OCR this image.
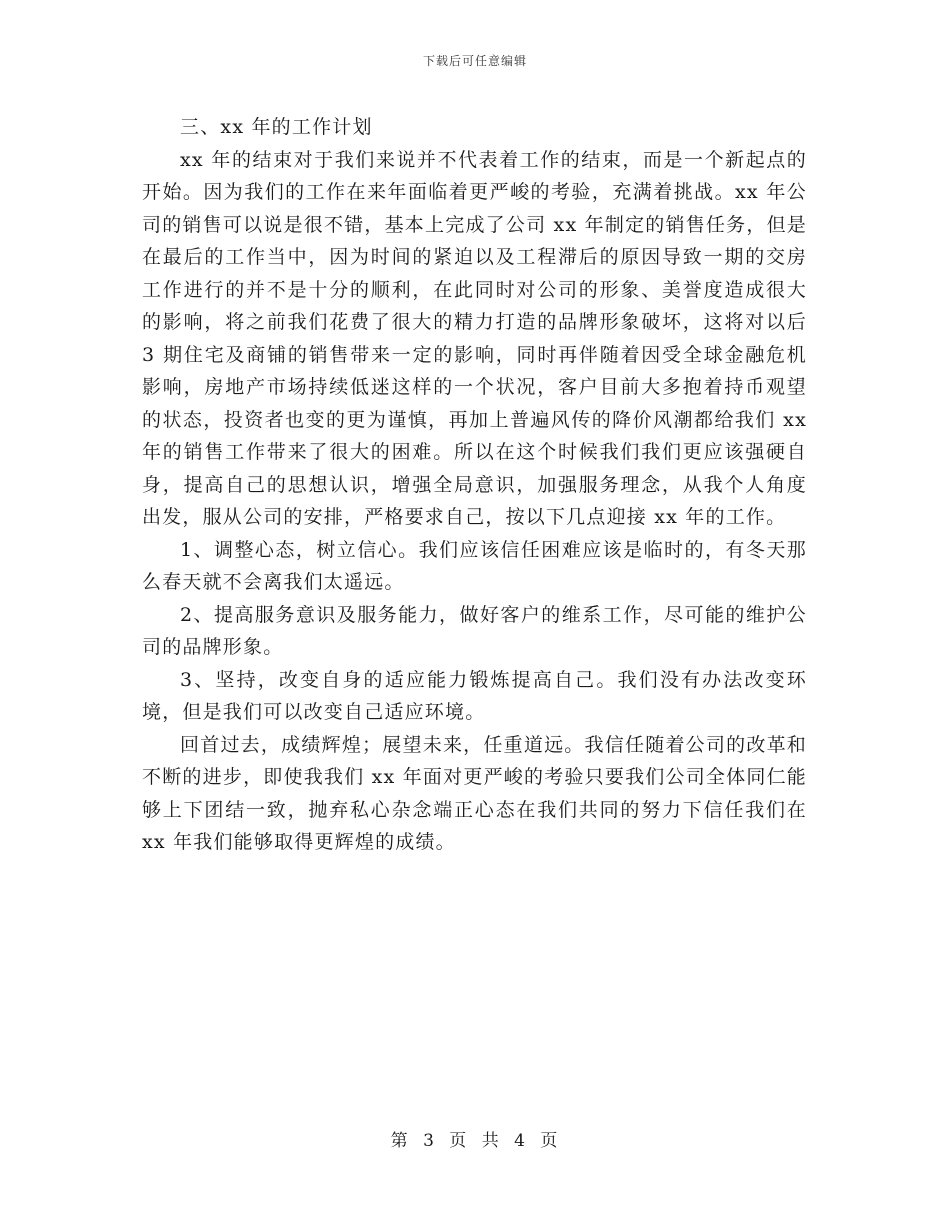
下载后可任意编辑

三、xx 年的工作计划

xx 年的结束对于我们来说并不代表着工作的结束，而是一个新起点的开始。因为我们的工作在来年面临着更严峻的考验，充满着挑战。xx 年公司的销售可以说是很不错，基本上完成了公司 xx 年制定的销售任务，但是在最后的工作当中，因为时间的紧迫以及工程滞后的原因导致一期的交房工作进行的并不是十分的顺利，在此同时对公司的形象、美誉度造成很大的影响，将之前我们花费了很大的精力打造的品牌形象破坏，这将对以后 3 期住宅及商铺的销售带来一定的影响，同时再伴随着因受全球金融危机影响，房地产市场持续低迷这样的一个状况，客户目前大多抱着持币观望的状态，投资者也变的更为谨慎，再加上普遍风传的降价风潮都给我们 xx 年的销售工作带来了很大的困难。所以在这个时候我们我们更应该强硬自身，提高自己的思想认识，增强全局意识，加强服务理念，从我个人角度出发，服从公司的安排，严格要求自己，按以下几点迎接 xx 年的工作。

1、调整心态，树立信心。我们应该信任困难应该是临时的，有冬天那么春天就不会离我们太遥远。

2、提高服务意识及服务能力，做好客户的维系工作，尽可能的维护公司的品牌形象。

3、坚持，改变自身的适应能力锻炼提高自己。我们没有办法改变环境，但是我们可以改变自己适应环境。

回首过去，成绩辉煌；展望未来，任重道远。我信任随着公司的改革和不断的进步，即使我我们 xx 年面对更严峻的考验只要我们公司全体同仁能够上下团结一致，抛弃私心杂念端正心态在我们共同的努力下信任我们在 xx 年我们能够取得更辉煌的成绩。

第 3 页 共 4 页
